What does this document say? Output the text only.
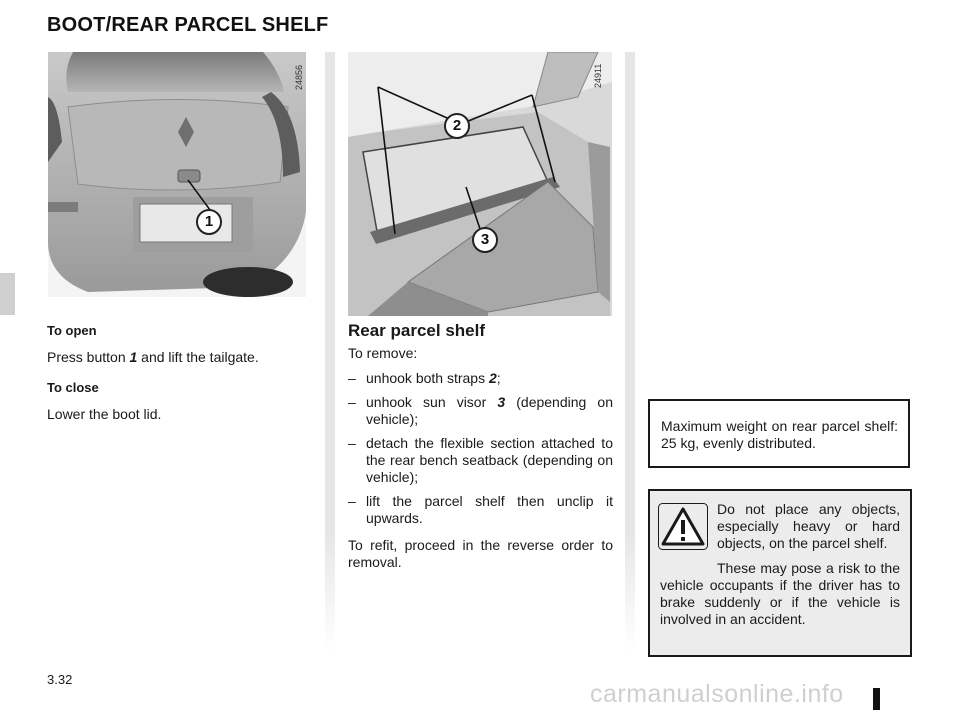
BOOT/REAR PARCEL SHELF
1
24856
2
3
24911

To open

Press button 1 and lift the tailgate.

To close

Lower the boot lid.

Rear parcel shelf

To remove:

– unhook both straps 2;
– unhook sun visor 3 (depending on vehicle);
– detach the flexible section attached to the rear bench seatback (depending on vehicle);
– lift the parcel shelf then unclip it upwards.

To refit, proceed in the reverse order to removal.

Maximum weight on rear parcel shelf: 25 kg, evenly distributed.

Do not place any objects, especially heavy or hard objects, on the parcel shelf.

These may pose a risk to the vehicle occupants if the driver has to brake suddenly or if the vehicle is involved in an accident.

3.32
carmanualsonline.info
